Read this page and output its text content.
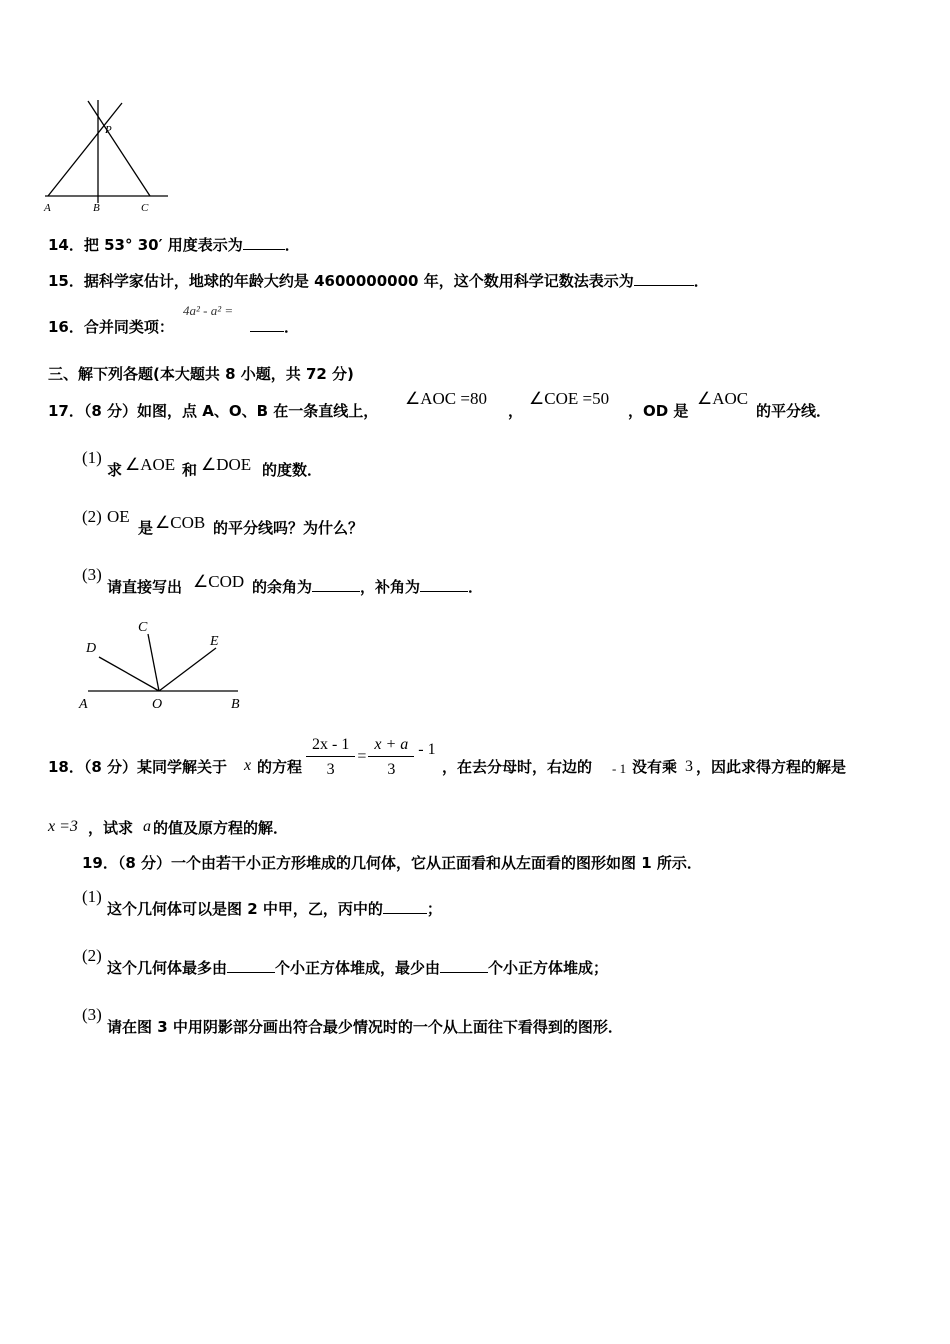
A	B	C
P
14．把 53° 30′ 用度表示为	．
15．据科学家估计，地球的年龄大约是 4600000000 年，这个数用科学记数法表示为	．
16．合并同类项：
4a² - a² =
．
三、解下列各题(本大题共 8 小题，共 72 分)
17．（8 分）如图，点 A、O、B 在一条直线上，
∠AOC =80
，
∠COE =50
，OD 是
∠AOC
的平分线．
(1)
求 ∠AOE 和 ∠DOE 的度数．
(2) OE
是 ∠COB 的平分线吗？为什么？
(3)
请直接写出 ∠COD 的余角为	，补角为	．
A	O	B
C
D	E
18．（8 分）某同学解关于 x 的方程 $\frac{2x - 1}{3} = \frac{x + a}{3} - 1$
，在去分母时，右边的 - 1 没有乘 3 ，因此求得方程的解是
x =3 ，试求 a 的值及原方程的解．
19．（8 分）一个由若干小正方形堆成的几何体，它从正面看和从左面看的图形如图 1 所示．
(1)
这个几何体可以是图 2 中甲，乙，丙中的	；
(2)
这个几何体最多由	个小正方体堆成，最少由	个小正方体堆成；
(3)
请在图 3 中用阴影部分画出符合最少情况时的一个从上面往下看得到的图形．
